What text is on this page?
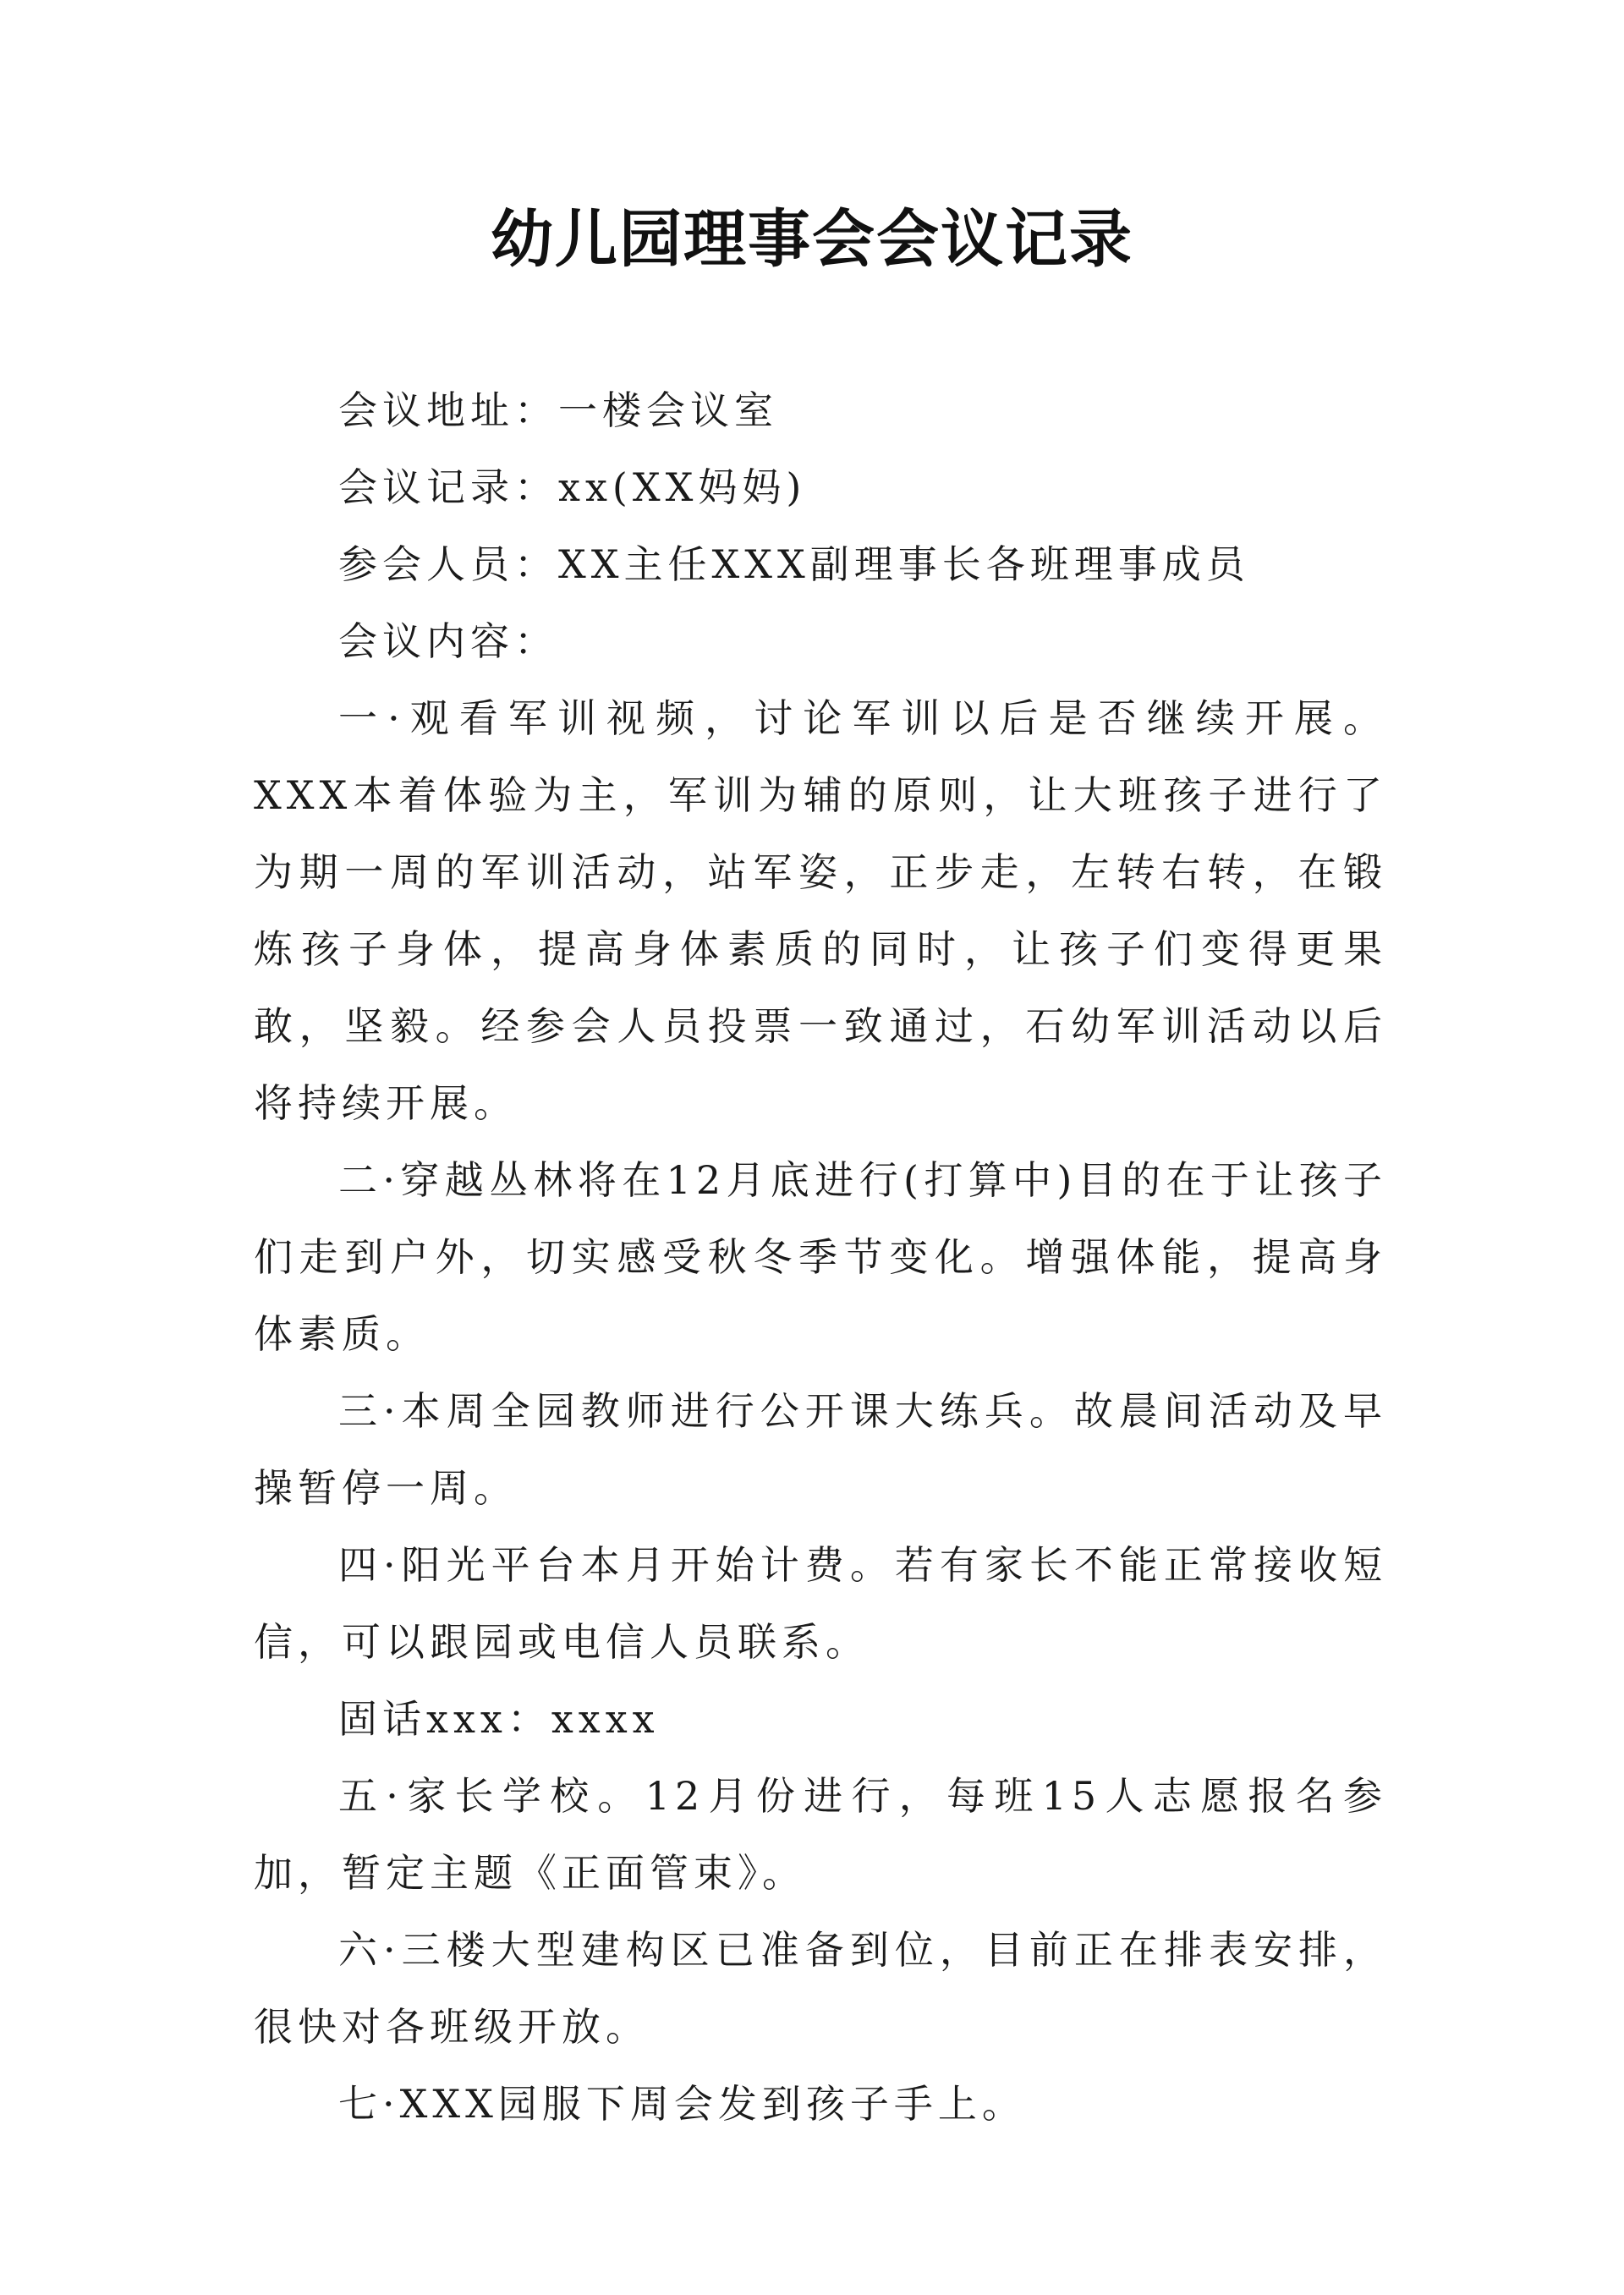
幼儿园理事会会议记录
会议地址：一楼会议室
会议记录：xx(XX妈妈)
参会人员：XX主任XXX副理事长各班理事成员
会议内容：

一·观看军训视频，讨论军训以后是否继续开展。 XXX本着体验为主，军训为辅的原则，让大班孩子进行了为期一周的军训活动，站军姿，正步走，左转右转，在锻炼孩子身体，提高身体素质的同时，让孩子们变得更果敢，坚毅。经参会人员投票一致通过，石幼军训活动以后将持续开展。

二·穿越丛林将在12月底进行(打算中)目的在于让孩子们走到户外，切实感受秋冬季节变化。增强体能，提高身体素质。

三·本周全园教师进行公开课大练兵。故晨间活动及早操暂停一周。

四·阳光平台本月开始计费。若有家长不能正常接收短信，可以跟园或电信人员联系。

固话xxx：xxxx

五·家长学校。12月份进行，每班15人志愿报名参加，暂定主题《正面管束》。

六·三楼大型建构区已准备到位，目前正在排表安排，很快对各班级开放。

七·XXX园服下周会发到孩子手上。
